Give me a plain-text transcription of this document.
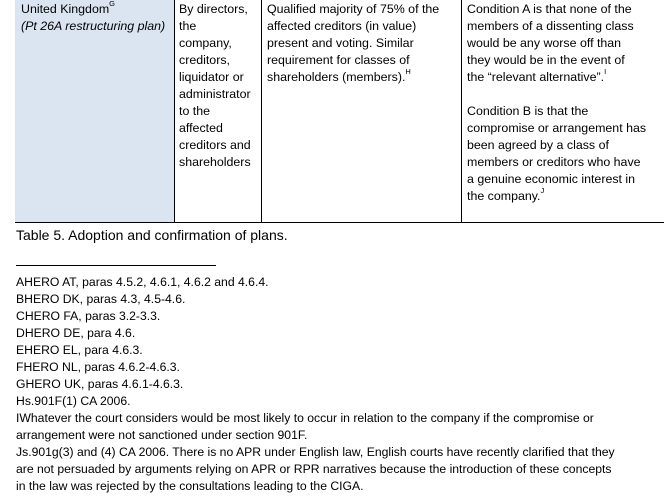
United Kingdom$^G$
(Pt 26A restructuring plan)
By directors,
the
company,
creditors,
liquidator or
administrator
to the
affected
creditors and
shareholders
Qualified majority of 75% of the
affected creditors (in value)
present and voting. Similar
requirement for classes of
shareholders (members).$^H$
Condition A is that none of the
members of a dissenting class
would be any worse off than
they would be in the event of
the “relevant alternative”.$^I$
Condition B is that the
compromise or arrangement has
been agreed by a class of
members or creditors who have
a genuine economic interest in
the company.$^J$
Table 5. Adoption and confirmation of plans.
AHERO AT, paras 4.5.2, 4.6.1, 4.6.2 and 4.6.4.
BHERO DK, paras 4.3, 4.5-4.6.
CHERO FA, paras 3.2-3.3.
DHERO DE, para 4.6.
EHERO EL, para 4.6.3.
FHERO NL, paras 4.6.2-4.6.3.
GHERO UK, paras 4.6.1-4.6.3.
Hs.901F(1) CA 2006.
IWhatever the court considers would be most likely to occur in relation to the company if the compromise or
arrangement were not sanctioned under section 901F.
Js.901g(3) and (4) CA 2006. There is no APR under English law, English courts have recently clarified that they
are not persuaded by arguments relying on APR or RPR narratives because the introduction of these concepts
in the law was rejected by the consultations leading to the CIGA.
